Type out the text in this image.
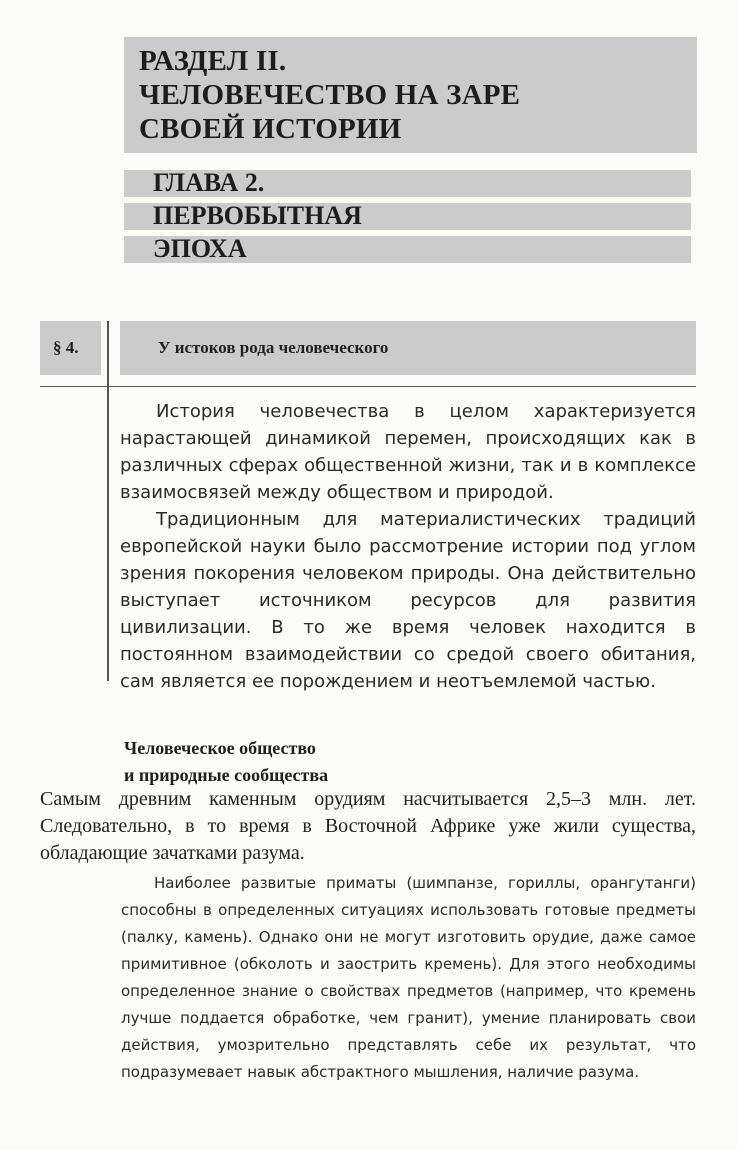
РАЗДЕЛ II.
ЧЕЛОВЕЧЕСТВО НА ЗАРЕ
СВОЕЙ ИСТОРИИ

ГЛАВА 2.

ПЕРВОБЫТНАЯ

ЭПОХА

§ 4.	У истоков рода человеческого

История человечества в целом характеризуется нарастающей динамикой перемен, происходящих как в различных сферах общественной жизни, так и в комплексе взаимосвязей между обществом и природой.

Традиционным для материалистических традиций европейской науки было рассмотрение истории под углом зрения покорения человеком природы. Она действительно выступает источником ресурсов для развития цивилизации. В то же время человек находится в постоянном взаимодействии со средой своего обитания, сам является ее порождением и неотъемлемой частью.

Человеческое общество
и природные сообщества

Самым древним каменным орудиям насчитывается 2,5–3 млн. лет. Следовательно, в то время в Восточной Африке уже жили существа, обладающие зачатками разума.

Наиболее развитые приматы (шимпанзе, гориллы, орангутанги) способны в определенных ситуациях использовать готовые предметы (палку, камень). Однако они не могут изготовить орудие, даже самое примитивное (обколоть и заострить кремень). Для этого необходимы определенное знание о свойствах предметов (например, что кремень лучше поддается обработке, чем гранит), умение планировать свои действия, умозрительно представлять себе их результат, что подразумевает навык абстрактного мышления, наличие разума.
